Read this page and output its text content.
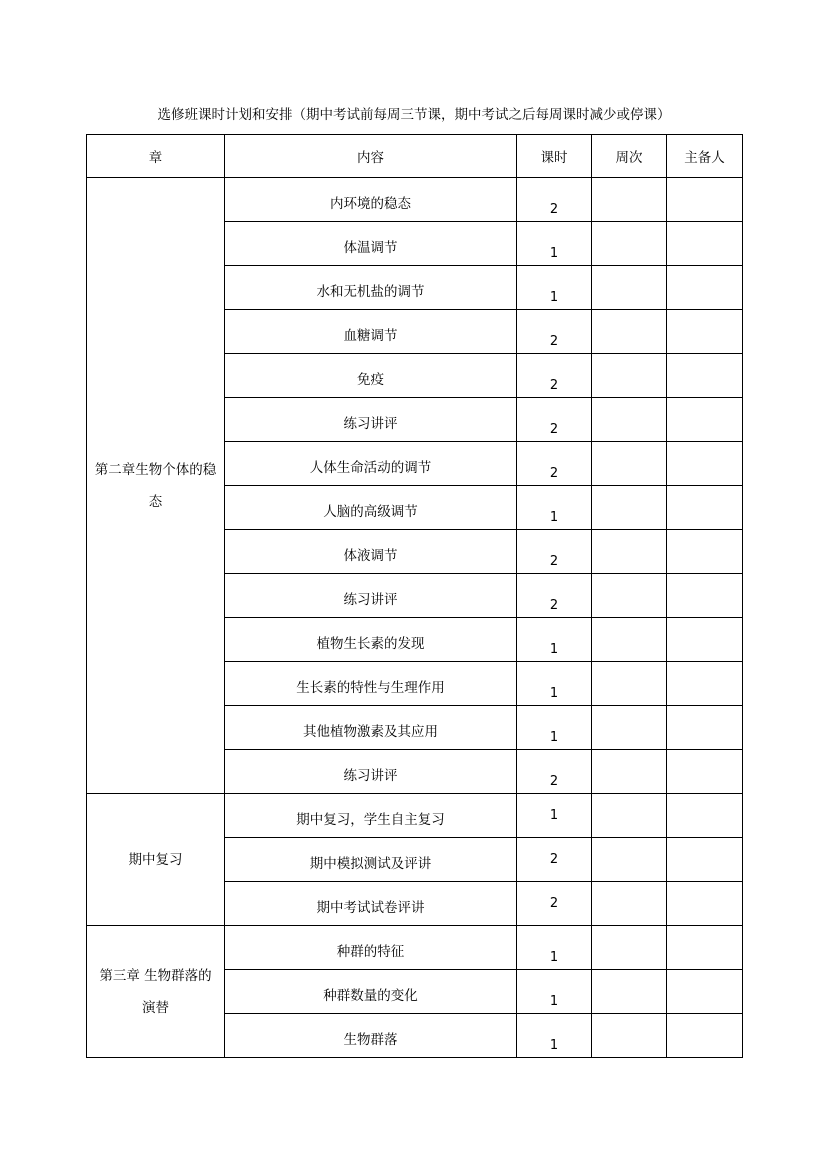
选修班课时计划和安排（期中考试前每周三节课，期中考试之后每周课时减少或停课）
章	内容	课时	周次	主备人
第二章生物个体的稳态	内环境的稳态	2		
	体温调节	1		
	水和无机盐的调节	1		
	血糖调节	2		
	免疫	2		
	练习讲评	2		
	人体生命活动的调节	2		
	人脑的高级调节	1		
	体液调节	2		
	练习讲评	2		
	植物生长素的发现	1		
	生长素的特性与生理作用	1		
	其他植物激素及其应用	1		
	练习讲评	2		
期中复习	期中复习，学生自主复习	1		
	期中模拟测试及评讲	2		
	期中考试试卷评讲	2		
第三章 生物群落的演替	种群的特征	1		
	种群数量的变化	1		
	生物群落	1		
